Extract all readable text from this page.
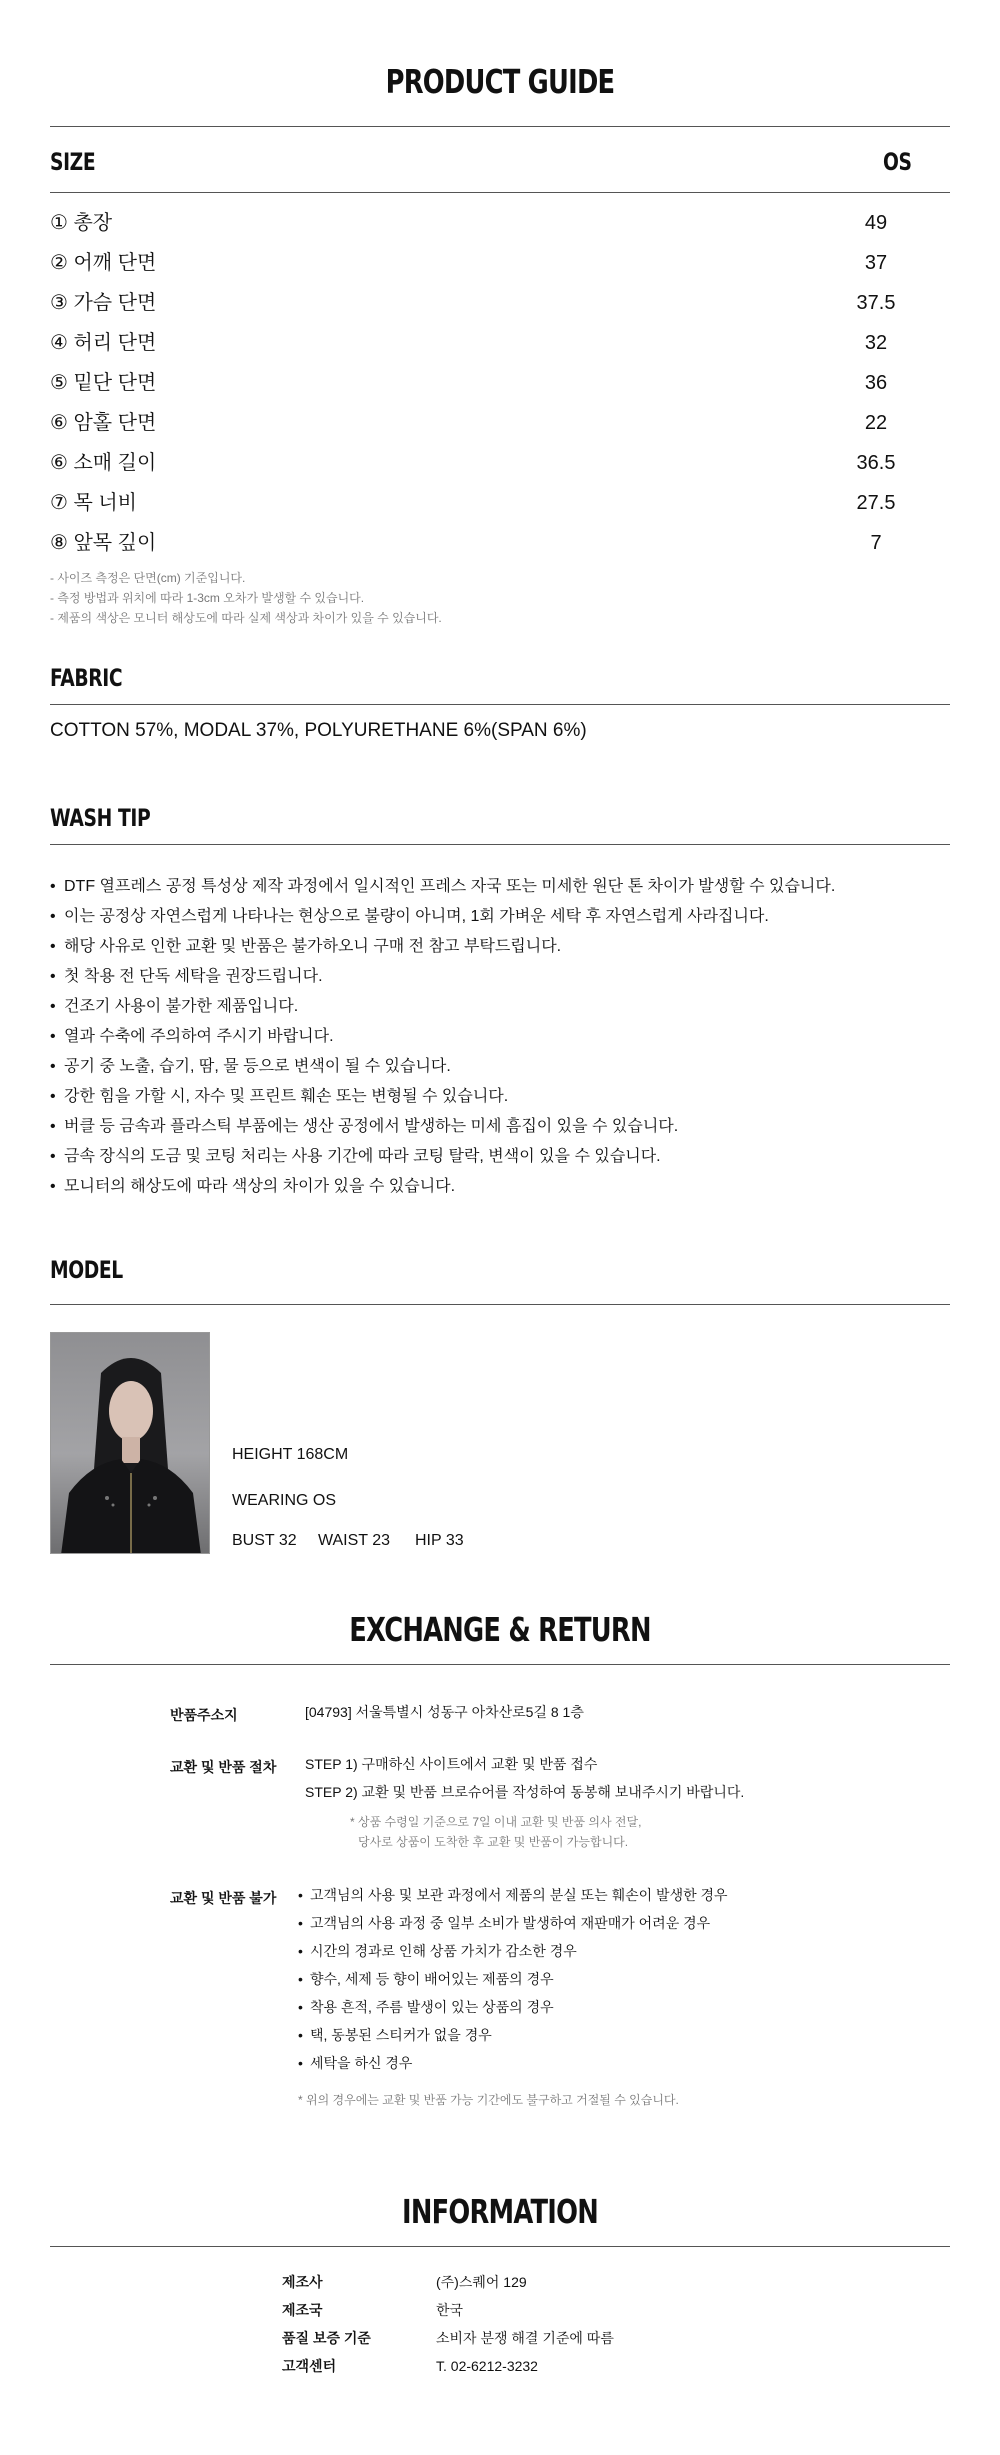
PRODUCT GUIDE
SIZE	OS
① 총장	49
② 어깨 단면	37
③ 가슴 단면	37.5
④ 허리 단면	32
⑤ 밑단 단면	36
⑥ 암홀 단면	22
⑥ 소매 길이	36.5
⑦ 목 너비	27.5
⑧ 앞목 깊이	7
- 사이즈 측정은 단면(cm) 기준입니다.
- 측정 방법과 위치에 따라 1-3cm 오차가 발생할 수 있습니다.
- 제품의 색상은 모니터 해상도에 따라 실제 색상과 차이가 있을 수 있습니다.
FABRIC
COTTON 57%, MODAL 37%, POLYURETHANE 6%(SPAN 6%)
WASH TIP
• DTF 열프레스 공정 특성상 제작 과정에서 일시적인 프레스 자국 또는 미세한 원단 톤 차이가 발생할 수 있습니다.
• 이는 공정상 자연스럽게 나타나는 현상으로 불량이 아니며, 1회 가벼운 세탁 후 자연스럽게 사라집니다.
• 해당 사유로 인한 교환 및 반품은 불가하오니 구매 전 참고 부탁드립니다.
• 첫 착용 전 단독 세탁을 권장드립니다.
• 건조기 사용이 불가한 제품입니다.
• 열과 수축에 주의하여 주시기 바랍니다.
• 공기 중 노출, 습기, 땀, 물 등으로 변색이 될 수 있습니다.
• 강한 힘을 가할 시, 자수 및 프린트 훼손 또는 변형될 수 있습니다.
• 버클 등 금속과 플라스틱 부품에는 생산 공정에서 발생하는 미세 흠집이 있을 수 있습니다.
• 금속 장식의 도금 및 코팅 처리는 사용 기간에 따라 코팅 탈락, 변색이 있을 수 있습니다.
• 모니터의 해상도에 따라 색상의 차이가 있을 수 있습니다.
MODEL
HEIGHT 168CM
WEARING OS
BUST 32 WAIST 23 HIP 33
EXCHANGE & RETURN
반품주소지	[04793] 서울특별시 성동구 아차산로5길 8 1층
교환 및 반품 절차 STEP 1) 구매하신 사이트에서 교환 및 반품 접수
STEP 2) 교환 및 반품 브로슈어를 작성하여 동봉해 보내주시기 바랍니다.
* 상품 수령일 기준으로 7일 이내 교환 및 반품 의사 전달,
당사로 상품이 도착한 후 교환 및 반품이 가능합니다.
교환 및 반품 불가	• 고객님의 사용 및 보관 과정에서 제품의 분실 또는 훼손이 발생한 경우
• 고객님의 사용 과정 중 일부 소비가 발생하여 재판매가 어려운 경우
• 시간의 경과로 인해 상품 가치가 감소한 경우
• 향수, 세제 등 향이 배어있는 제품의 경우
• 착용 흔적, 주름 발생이 있는 상품의 경우
• 택, 동봉된 스티커가 없을 경우
• 세탁을 하신 경우
* 위의 경우에는 교환 및 반품 가능 기간에도 불구하고 거절될 수 있습니다.
INFORMATION
제조사	(주)스퀘어 129
제조국	한국
품질 보증 기준	소비자 분쟁 해결 기준에 따름
고객센터	T. 02-6212-3232
